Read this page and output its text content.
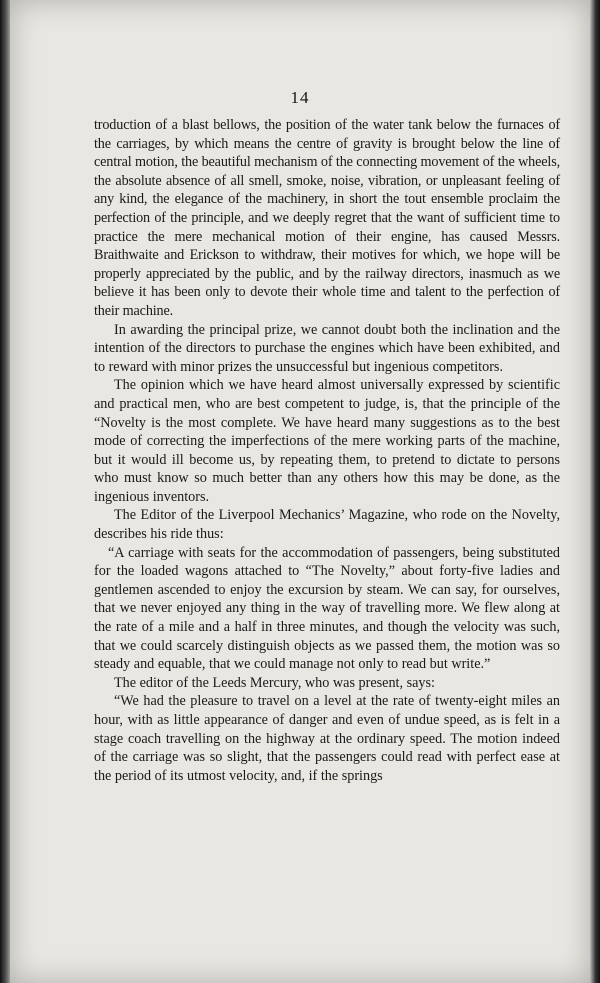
14

troduction of a blast bellows, the position of the water tank below the furnaces of the carriages, by which means the centre of gravity is brought below the line of central motion, the beautiful mechanism of the connecting movement of the wheels, the absolute absence of all smell, smoke, noise, vibration, or unpleasant feeling of any kind, the elegance of the machinery, in short the tout ensemble proclaim the perfection of the principle, and we deeply regret that the want of sufficient time to practice the mere mechanical motion of their engine, has caused Messrs. Braithwaite and Erickson to withdraw, their motives for which, we hope will be properly appreciated by the public, and by the railway directors, inasmuch as we believe it has been only to devote their whole time and talent to the perfection of their machine.

In awarding the principal prize, we cannot doubt both the inclination and the intention of the directors to purchase the engines which have been exhibited, and to reward with minor prizes the unsuccessful but ingenious competitors.

The opinion which we have heard almost universally expressed by scientific and practical men, who are best competent to judge, is, that the principle of the “Novelty is the most complete. We have heard many suggestions as to the best mode of correcting the imperfections of the mere working parts of the machine, but it would ill become us, by repeating them, to pretend to dictate to persons who must know so much better than any others how this may be done, as the ingenious inventors.

The Editor of the Liverpool Mechanics’ Magazine, who rode on the Novelty, describes his ride thus:

“A carriage with seats for the accommodation of passengers, being substituted for the loaded wagons attached to “The Novelty,” about forty-five ladies and gentlemen ascended to enjoy the excursion by steam. We can say, for ourselves, that we never enjoyed any thing in the way of travelling more. We flew along at the rate of a mile and a half in three minutes, and though the velocity was such, that we could scarcely distinguish objects as we passed them, the motion was so steady and equable, that we could manage not only to read but write.”

The editor of the Leeds Mercury, who was present, says:

“We had the pleasure to travel on a level at the rate of twenty-eight miles an hour, with as little appearance of danger and even of undue speed, as is felt in a stage coach travelling on the highway at the ordinary speed. The motion indeed of the carriage was so slight, that the passengers could read with perfect ease at the period of its utmost velocity, and, if the springs
